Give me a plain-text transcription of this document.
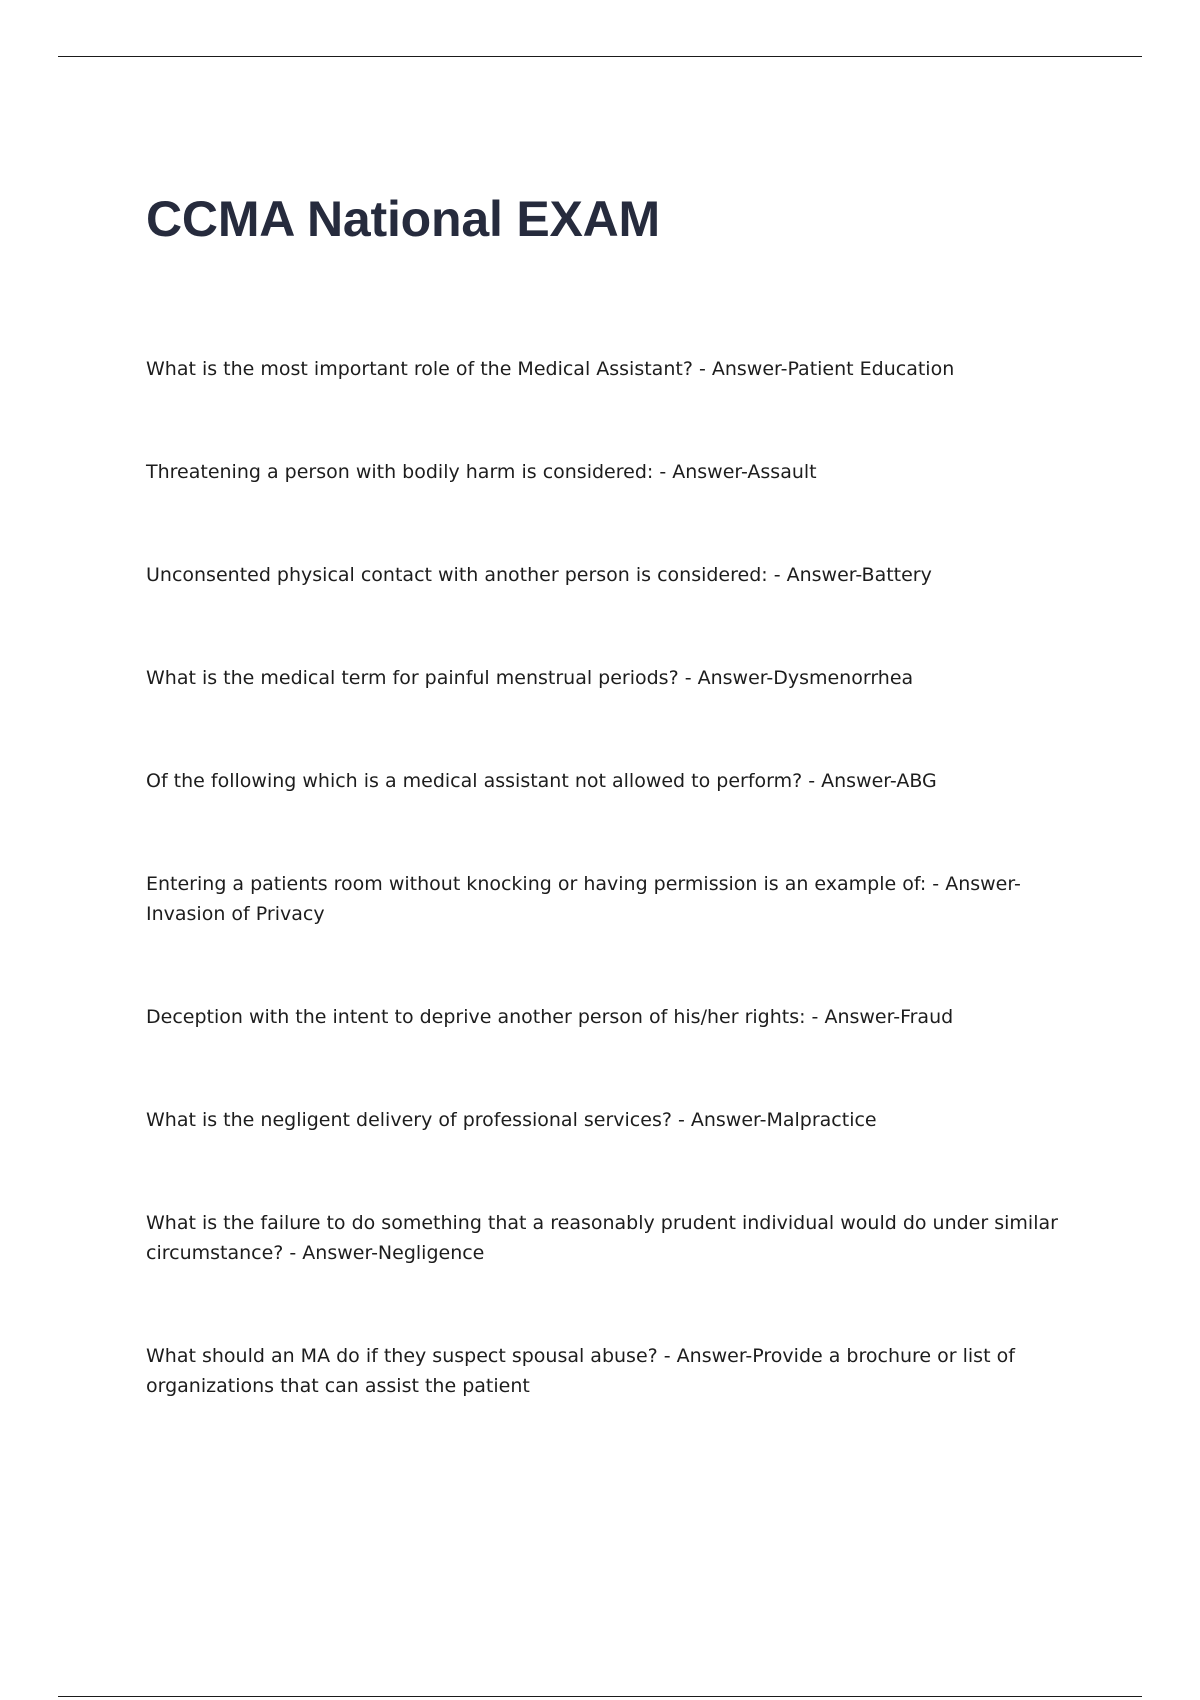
CCMA National EXAM
What is the most important role of the Medical Assistant? - Answer-Patient Education
Threatening a person with bodily harm is considered: - Answer-Assault
Unconsented physical contact with another person is considered: - Answer-Battery
What is the medical term for painful menstrual periods? - Answer-Dysmenorrhea
Of the following which is a medical assistant not allowed to perform? - Answer-ABG
Entering a patients room without knocking or having permission is an example of: - Answer-Invasion of Privacy
Deception with the intent to deprive another person of his/her rights: - Answer-Fraud
What is the negligent delivery of professional services? - Answer-Malpractice
What is the failure to do something that a reasonably prudent individual would do under similar circumstance? - Answer-Negligence
What should an MA do if they suspect spousal abuse? - Answer-Provide a brochure or list of organizations that can assist the patient
